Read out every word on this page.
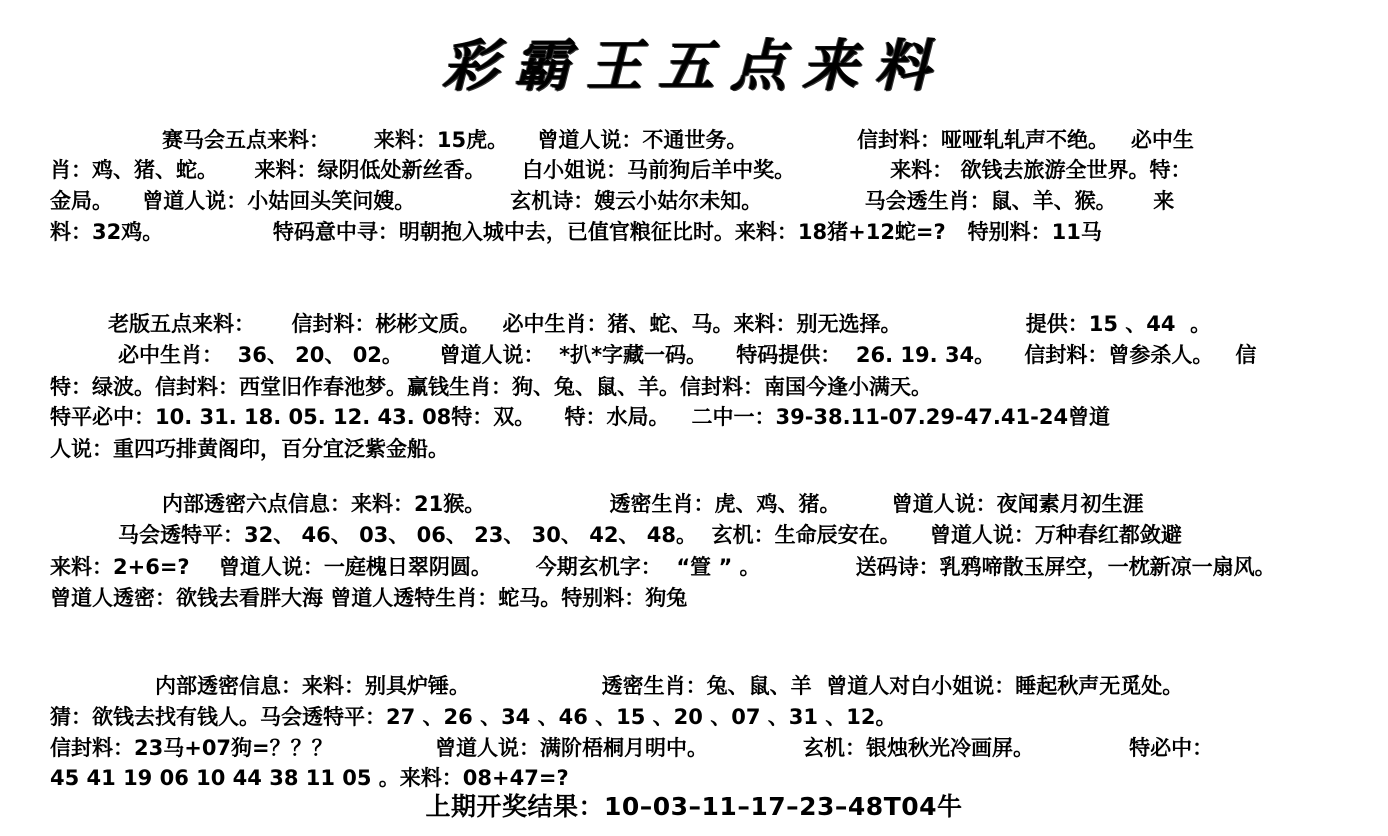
彩霸王五点来料
赛马会五点来料：      来料：15虎。    曾道人说：不通世务。               信封料：哑哑轧轧声不绝。   必中生
肖：鸡、猪、蛇。     来料：绿阴低处新丝香。     白小姐说：马前狗后羊中奖。             来料： 欲钱去旅游全世界。特：
金局。    曾道人说：小姑回头笑问嫂。             玄机诗：嫂云小姑尔未知。              马会透生肖：鼠、羊、猴。     来
料：32鸡。               特码意中寻：明朝抱入城中去，已值官粮征比时。来料：18猪+12蛇=?   特别料：11马
老版五点来料：     信封料：彬彬文质。   必中生肖：猪、蛇、马。来料：别无选择。                 提供：15 、44  。
必中生肖：  36、 20、 02。     曾道人说：  *扒*字藏一码。    特码提供：  26. 19. 34。    信封料：曾参杀人。   信
特：绿波。信封料：西堂旧作春池梦。赢钱生肖：狗、兔、鼠、羊。信封料：南国今逢小满天。
特平必中：10. 31. 18. 05. 12. 43. 08特：双。    特：水局。   二中一：39-38.11-07.29-47.41-24曾道
人说：重四巧排黄阁印，百分宜泛紫金船。
内部透密六点信息：来料：21猴。                 透密生肖：虎、鸡、猪。       曾道人说：夜闻素月初生涯
马会透特平：32、 46、 03、 06、 23、 30、 42、 48。  玄机：生命辰安在。    曾道人说：万种春红都敛避
来料：2+6=?    曾道人说：一庭槐日翠阴圆。      今期玄机字：  “箮 ” 。             送码诗：乳鸦啼散玉屏空，一枕新凉一扇风。
曾道人透密：欲钱去看胖大海 曾道人透特生肖：蛇马。特别料：狗兔
内部透密信息：来料：别具炉锤。                  透密生肖：兔、鼠、羊  曾道人对白小姐说：睡起秋声无觅处。
猜：欲钱去找有钱人。马会透特平：27 、26 、34 、46 、15 、20 、07 、31 、12。
信封料：23马+07狗=？？？              曾道人说：满阶梧桐月明中。             玄机：银烛秋光冷画屏。             特必中：
45 41 19 06 10 44 38 11 05 。来料：08+47=?
上期开奖结果：10–03–11–17–23–48T04牛
